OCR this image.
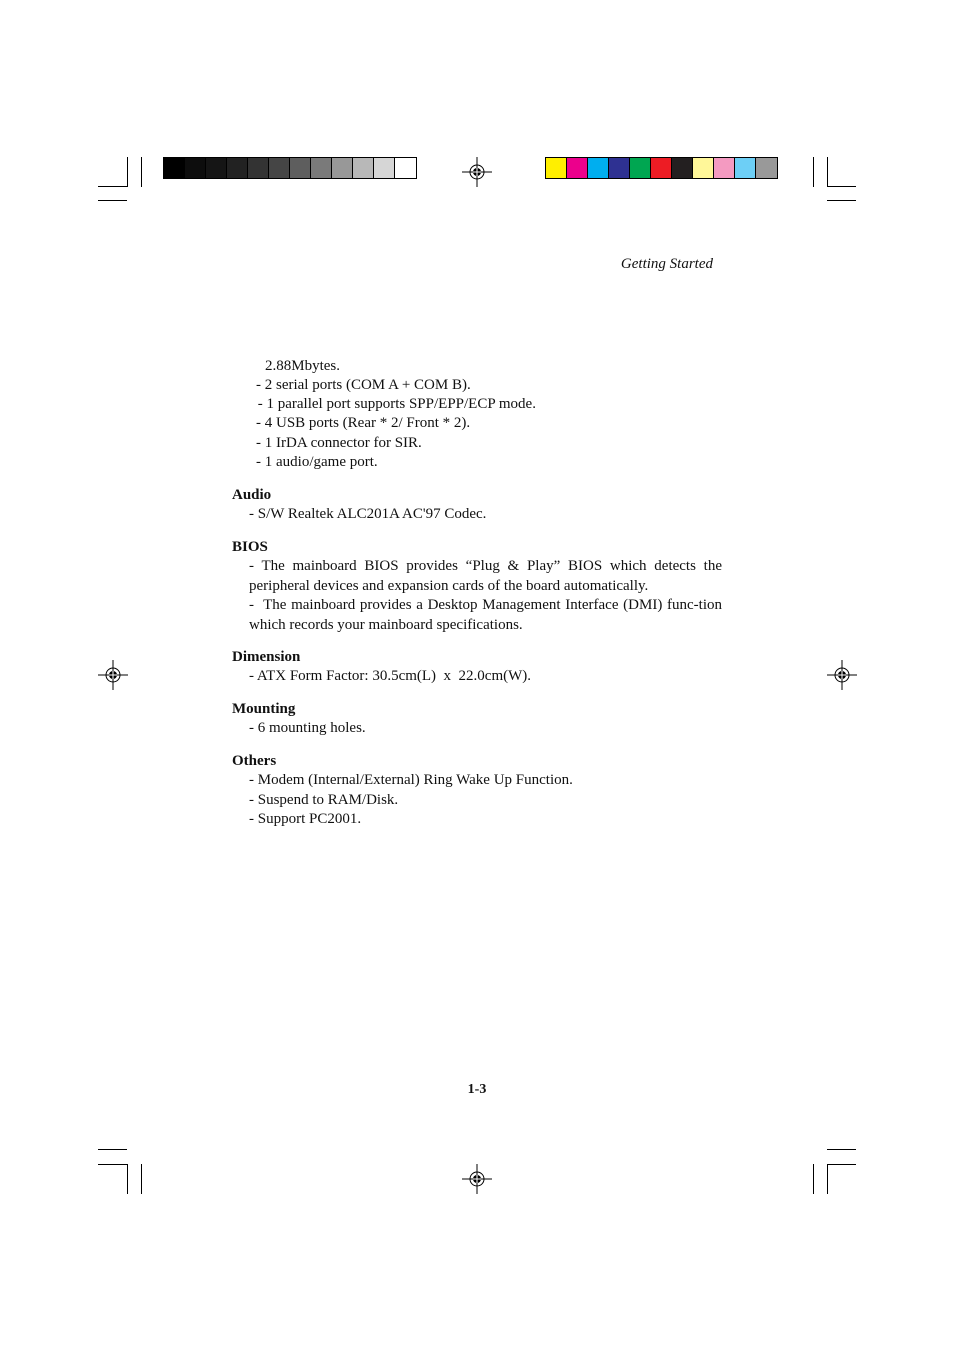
Getting Started
2.88Mbytes.
- 2 serial ports (COM A + COM B).
- 1 parallel port supports SPP/EPP/ECP mode.
- 4 USB ports (Rear * 2/ Front * 2).
- 1 IrDA connector for SIR.
- 1 audio/game port.
Audio
- S/W Realtek ALC201A AC'97 Codec.
BIOS
- The mainboard BIOS provides “Plug & Play” BIOS which detects the peripheral devices and expansion cards of the board automatically.
-  The mainboard provides a Desktop Management Interface (DMI) func-tion which records your mainboard specifications.
Dimension
- ATX Form Factor: 30.5cm(L)  x  22.0cm(W).
Mounting
- 6 mounting holes.
Others
- Modem (Internal/External) Ring Wake Up Function.
- Suspend to RAM/Disk.
- Support PC2001.
1-3
